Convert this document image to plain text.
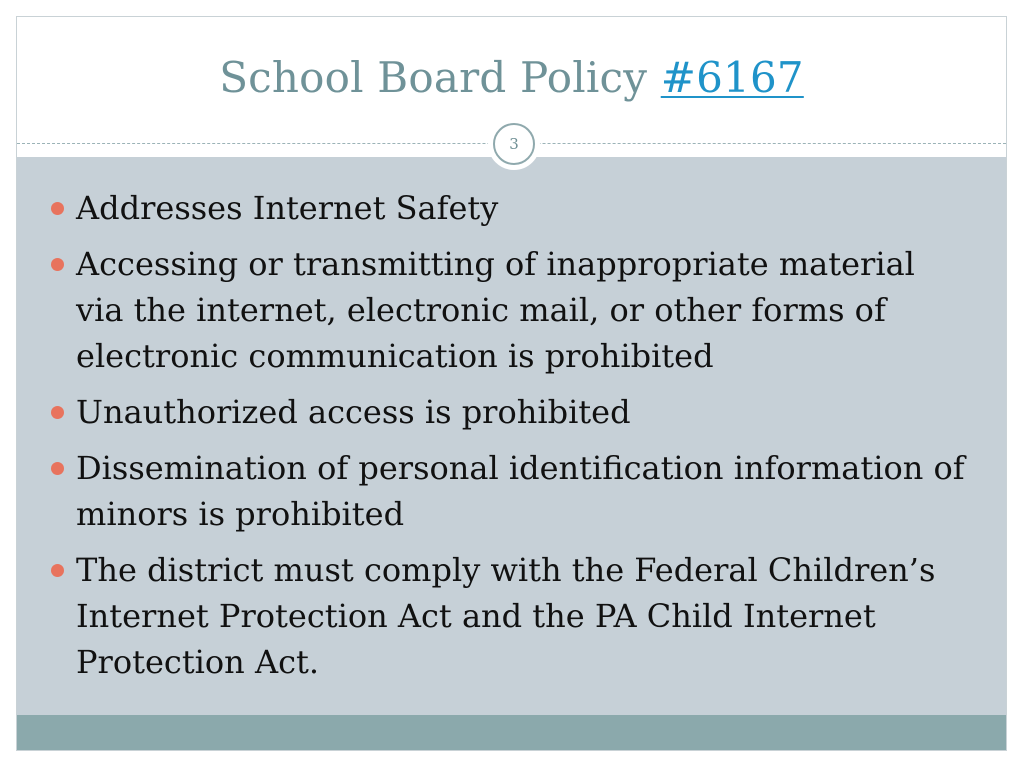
School Board Policy #6167
3
Addresses Internet Safety
Accessing or transmitting of inappropriate material via the internet, electronic mail, or other forms of electronic communication is prohibited
Unauthorized access is prohibited
Dissemination of personal identification information of minors is prohibited
The district must comply with the Federal Children’s Internet Protection Act and the PA Child Internet Protection Act.
